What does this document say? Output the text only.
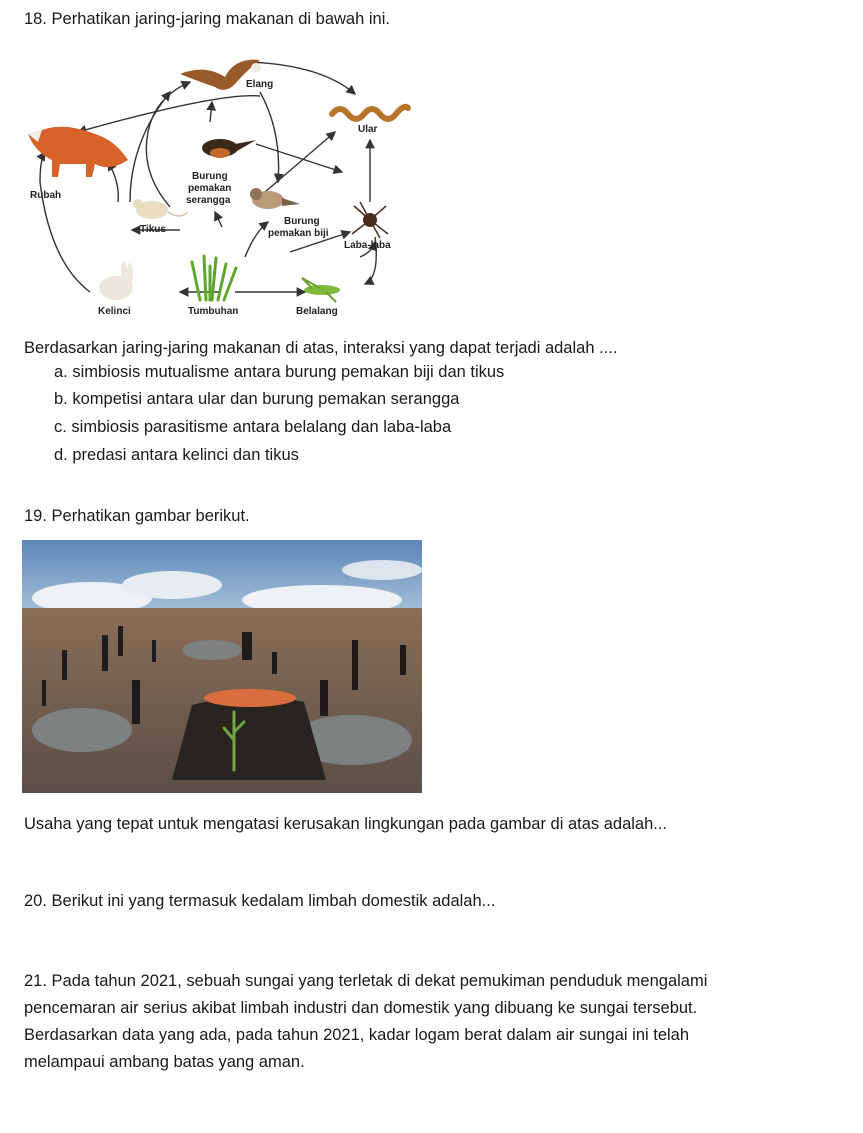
18. Perhatikan jaring-jaring makanan di bawah ini.
Elang
Ular
Rubah
Burung
pemakan
serangga
Tikus
Burung
pemakan biji
Laba-laba
Kelinci	Tumbuhan	Belalang
Berdasarkan jaring-jaring makanan di atas, interaksi yang dapat terjadi adalah ....
a. simbiosis mutualisme antara burung pemakan biji dan tikus
b. kompetisi antara ular dan burung pemakan serangga
c. simbiosis parasitisme antara belalang dan laba-laba
d. predasi antara kelinci dan tikus
19. Perhatikan gambar berikut.
Usaha yang tepat untuk mengatasi kerusakan lingkungan pada gambar di atas adalah...
20. Berikut ini yang termasuk kedalam limbah domestik adalah...
21. Pada tahun 2021, sebuah sungai yang terletak di dekat pemukiman penduduk mengalami
pencemaran air serius akibat limbah industri dan domestik yang dibuang ke sungai tersebut.
Berdasarkan data yang ada, pada tahun 2021, kadar logam berat dalam air sungai ini telah
melampaui ambang batas yang aman.
